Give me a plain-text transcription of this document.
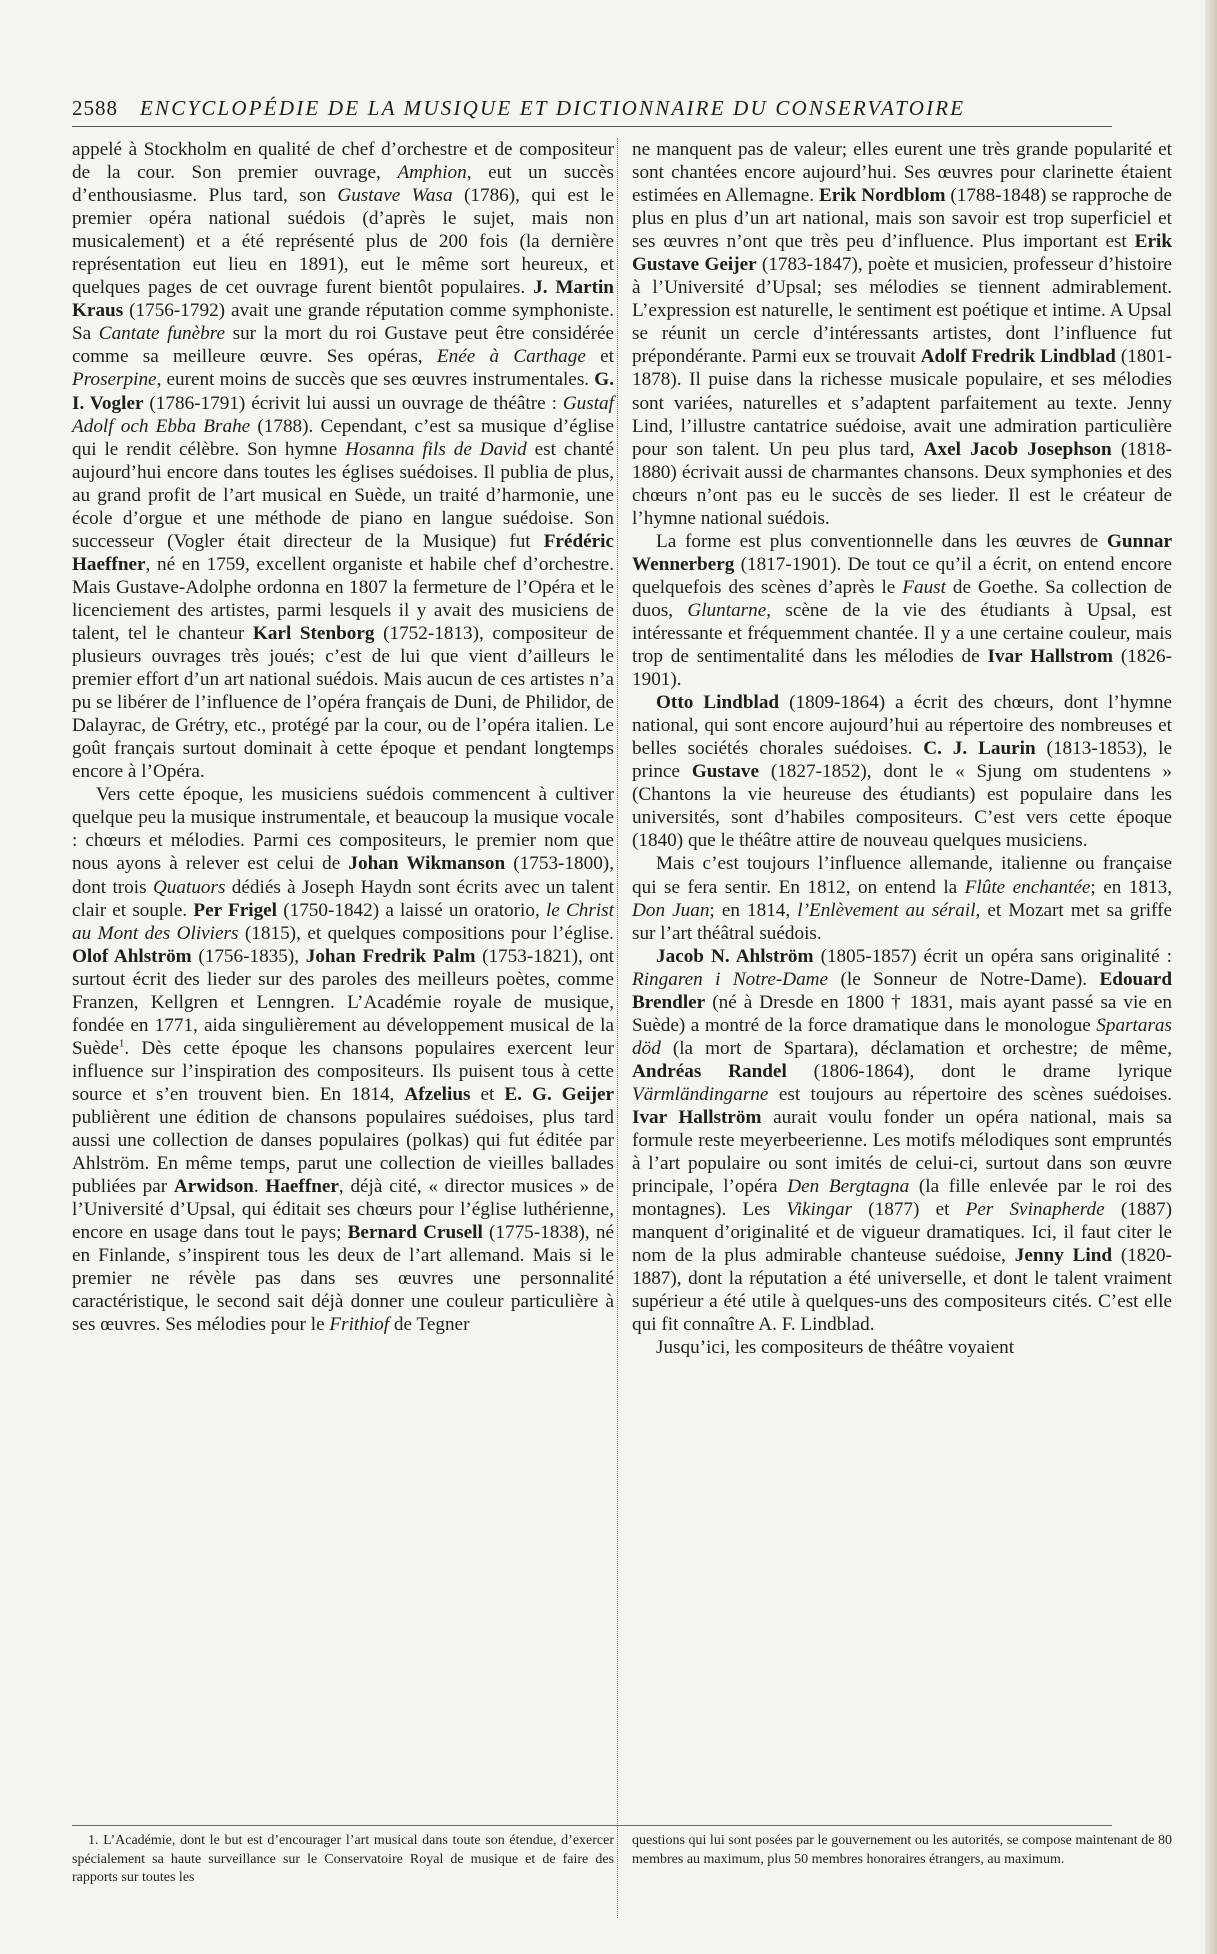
2588 ENCYCLOPÉDIE DE LA MUSIQUE ET DICTIONNAIRE DU CONSERVATOIRE

appelé à Stockholm en qualité de chef d’orchestre et de compositeur de la cour. Son premier ouvrage, Amphion, eut un succès d’enthousiasme. Plus tard, son Gustave Wasa (1786), qui est le premier opéra national suédois (d’après le sujet, mais non musicalement) et a été représenté plus de 200 fois (la dernière représentation eut lieu en 1891), eut le même sort heureux, et quelques pages de cet ouvrage furent bientôt populaires. J. Martin Kraus (1756-1792) avait une grande réputation comme symphoniste. Sa Cantate funèbre sur la mort du roi Gustave peut être considérée comme sa meilleure œuvre. Ses opéras, Enée à Carthage et Proserpine, eurent moins de succès que ses œuvres instrumentales. G. I. Vogler (1786-1791) écrivit lui aussi un ouvrage de théâtre : Gustaf Adolf och Ebba Brahe (1788). Cependant, c’est sa musique d’église qui le rendit célèbre. Son hymne Hosanna fils de David est chanté aujourd’hui encore dans toutes les églises suédoises. Il publia de plus, au grand profit de l’art musical en Suède, un traité d’harmonie, une école d’orgue et une méthode de piano en langue suédoise. Son successeur (Vogler était directeur de la Musique) fut Frédéric Haeffner, né en 1759, excellent organiste et habile chef d’orchestre. Mais Gustave-Adolphe ordonna en 1807 la fermeture de l’Opéra et le licenciement des artistes, parmi lesquels il y avait des musiciens de talent, tel le chanteur Karl Stenborg (1752-1813), compositeur de plusieurs ouvrages très joués; c’est de lui que vient d’ailleurs le premier effort d’un art national suédois. Mais aucun de ces artistes n’a pu se libérer de l’influence de l’opéra français de Duni, de Philidor, de Dalayrac, de Grétry, etc., protégé par la cour, ou de l’opéra italien. Le goût français surtout dominait à cette époque et pendant longtemps encore à l’Opéra.

Vers cette époque, les musiciens suédois commencent à cultiver quelque peu la musique instrumentale, et beaucoup la musique vocale : chœurs et mélodies. Parmi ces compositeurs, le premier nom que nous ayons à relever est celui de Johan Wikmanson (1753-1800), dont trois Quatuors dédiés à Joseph Haydn sont écrits avec un talent clair et souple. Per Frigel (1750-1842) a laissé un oratorio, le Christ au Mont des Oliviers (1815), et quelques compositions pour l’église. Olof Ahlström (1756-1835), Johan Fredrik Palm (1753-1821), ont surtout écrit des lieder sur des paroles des meilleurs poètes, comme Franzen, Kellgren et Lenngren. L’Académie royale de musique, fondée en 1771, aida singulièrement au développement musical de la Suède$^1$. Dès cette époque les chansons populaires exercent leur influence sur l’inspiration des compositeurs. Ils puisent tous à cette source et s’en trouvent bien. En 1814, Afzelius et E. G. Geijer publièrent une édition de chansons populaires suédoises, plus tard aussi une collection de danses populaires (polkas) qui fut éditée par Ahlström. En même temps, parut une collection de vieilles ballades publiées par Arwidson. Haeffner, déjà cité, « director musices » de l’Université d’Upsal, qui éditait ses chœurs pour l’église luthérienne, encore en usage dans tout le pays; Bernard Crusell (1775-1838), né en Finlande, s’inspirent tous les deux de l’art allemand. Mais si le premier ne révèle pas dans ses œuvres une personnalité caractéristique, le second sait déjà donner une couleur particulière à ses œuvres. Ses mélodies pour le Frithiof de Tegner

ne manquent pas de valeur; elles eurent une très grande popularité et sont chantées encore aujourd’hui. Ses œuvres pour clarinette étaient estimées en Allemagne. Erik Nordblom (1788-1848) se rapproche de plus en plus d’un art national, mais son savoir est trop superficiel et ses œuvres n’ont que très peu d’influence. Plus important est Erik Gustave Geijer (1783-1847), poète et musicien, professeur d’histoire à l’Université d’Upsal; ses mélodies se tiennent admirablement. L’expression est naturelle, le sentiment est poétique et intime. A Upsal se réunit un cercle d’intéressants artistes, dont l’influence fut prépondérante. Parmi eux se trouvait Adolf Fredrik Lindblad (1801-1878). Il puise dans la richesse musicale populaire, et ses mélodies sont variées, naturelles et s’adaptent parfaitement au texte. Jenny Lind, l’illustre cantatrice suédoise, avait une admiration particulière pour son talent. Un peu plus tard, Axel Jacob Josephson (1818-1880) écrivait aussi de charmantes chansons. Deux symphonies et des chœurs n’ont pas eu le succès de ses lieder. Il est le créateur de l’hymne national suédois.

La forme est plus conventionnelle dans les œuvres de Gunnar Wennerberg (1817-1901). De tout ce qu’il a écrit, on entend encore quelquefois des scènes d’après le Faust de Goethe. Sa collection de duos, Gluntarne, scène de la vie des étudiants à Upsal, est intéressante et fréquemment chantée. Il y a une certaine couleur, mais trop de sentimentalité dans les mélodies de Ivar Hallstrom (1826-1901).

Otto Lindblad (1809-1864) a écrit des chœurs, dont l’hymne national, qui sont encore aujourd’hui au répertoire des nombreuses et belles sociétés chorales suédoises. C. J. Laurin (1813-1853), le prince Gustave (1827-1852), dont le « Sjung om studentens » (Chantons la vie heureuse des étudiants) est populaire dans les universités, sont d’habiles compositeurs. C’est vers cette époque (1840) que le théâtre attire de nouveau quelques musiciens.

Mais c’est toujours l’influence allemande, italienne ou française qui se fera sentir. En 1812, on entend la Flûte enchantée; en 1813, Don Juan; en 1814, l’Enlèvement au sérail, et Mozart met sa griffe sur l’art théâtral suédois.

Jacob N. Ahlström (1805-1857) écrit un opéra sans originalité : Ringaren i Notre-Dame (le Sonneur de Notre-Dame). Edouard Brendler (né à Dresde en 1800 † 1831, mais ayant passé sa vie en Suède) a montré de la force dramatique dans le monologue Spartaras död (la mort de Spartara), déclamation et orchestre; de même, Andréas Randel (1806-1864), dont le drame lyrique Värmländingarne est toujours au répertoire des scènes suédoises. Ivar Hallström aurait voulu fonder un opéra national, mais sa formule reste meyerbeerienne. Les motifs mélodiques sont empruntés à l’art populaire ou sont imités de celui-ci, surtout dans son œuvre principale, l’opéra Den Bergtagna (la fille enlevée par le roi des montagnes). Les Vikingar (1877) et Per Svinapherde (1887) manquent d’originalité et de vigueur dramatiques. Ici, il faut citer le nom de la plus admirable chanteuse suédoise, Jenny Lind (1820-1887), dont la réputation a été universelle, et dont le talent vraiment supérieur a été utile à quelques-uns des compositeurs cités. C’est elle qui fit connaître A. F. Lindblad.

Jusqu’ici, les compositeurs de théâtre voyaient

1. L’Académie, dont le but est d’encourager l’art musical dans toute son étendue, d’exercer spécialement sa haute surveillance sur le Conservatoire Royal de musique et de faire des rapports sur toutes les

questions qui lui sont posées par le gouvernement ou les autorités, se compose maintenant de 80 membres au maximum, plus 50 membres honoraires étrangers, au maximum.
